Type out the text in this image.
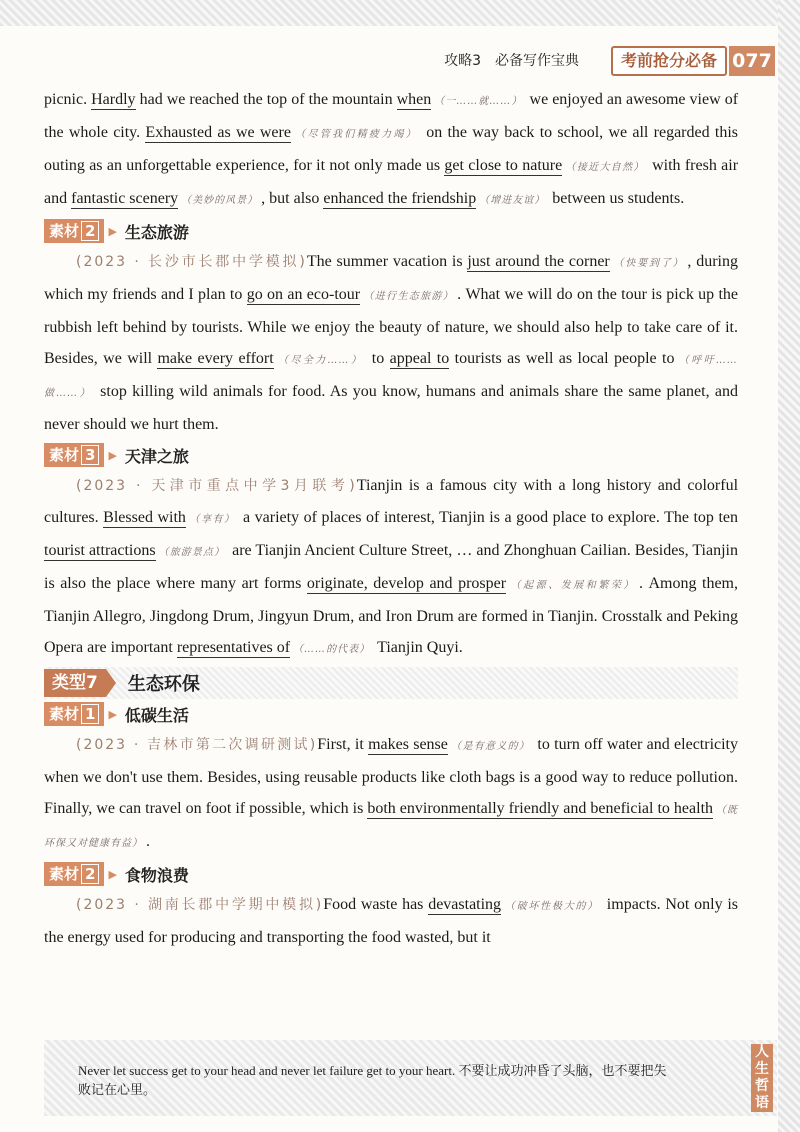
攻略3　必备写作宝典	考前抢分必备 077

picnic. Hardly had we reached the top of the mountain when （一……就……） we enjoyed an awesome view of the whole city. Exhausted as we were （尽管我们精疲力竭） on the way back to school, we all regarded this outing as an unforgettable experience, for it not only made us get close to nature （接近大自然） with fresh air and fantastic scenery （美妙的风景） , but also enhanced the friendship （增进友谊） between us students.

素材 2	▶ 生态旅游

(2023 · 长沙市长郡中学模拟)The summer vacation is just around the corner （快要到了） , during which my friends and I plan to go on an eco-tour （进行生态旅游） . What we will do on the tour is pick up the rubbish left behind by tourists. While we enjoy the beauty of nature, we should also help to take care of it. Besides, we will make every effort （尽全力……） to appeal to tourists as well as local people to （呼吁……做……） stop killing wild animals for food. As you know, humans and animals share the same planet, and never should we hurt them.

素材 3	▶ 天津之旅

(2023 · 天津市重点中学3月联考)Tianjin is a famous city with a long history and colorful cultures. Blessed with （享有） a variety of places of interest, Tianjin is a good place to explore. The top ten tourist attractions （旅游景点） are Tianjin Ancient Culture Street, … and Zhonghuan Cailian. Besides, Tianjin is also the place where many art forms originate, develop and prosper （起源、发展和繁荣） . Among them, Tianjin Allegro, Jingdong Drum, Jingyun Drum, and Iron Drum are formed in Tianjin. Crosstalk and Peking Opera are important representatives of （……的代表） Tianjin Quyi.

类型7	生态环保
素材 1	▶ 低碳生活

(2023 · 吉林市第二次调研测试)First, it makes sense （是有意义的） to turn off water and electricity when we don't use them. Besides, using reusable products like cloth bags is a good way to reduce pollution. Finally, we can travel on foot if possible, which is both environmentally friendly and beneficial to health （既环保又对健康有益） .

素材 2	▶ 食物浪费

(2023 · 湖南长郡中学期中模拟)Food waste has devastating （破坏性极大的） impacts. Not only is the energy used for producing and transporting the food wasted, but it

Never let success get to your head and never let failure get to your heart. 不要让成功冲昏了头脑，也不要把失败记在心里。
人生哲语
